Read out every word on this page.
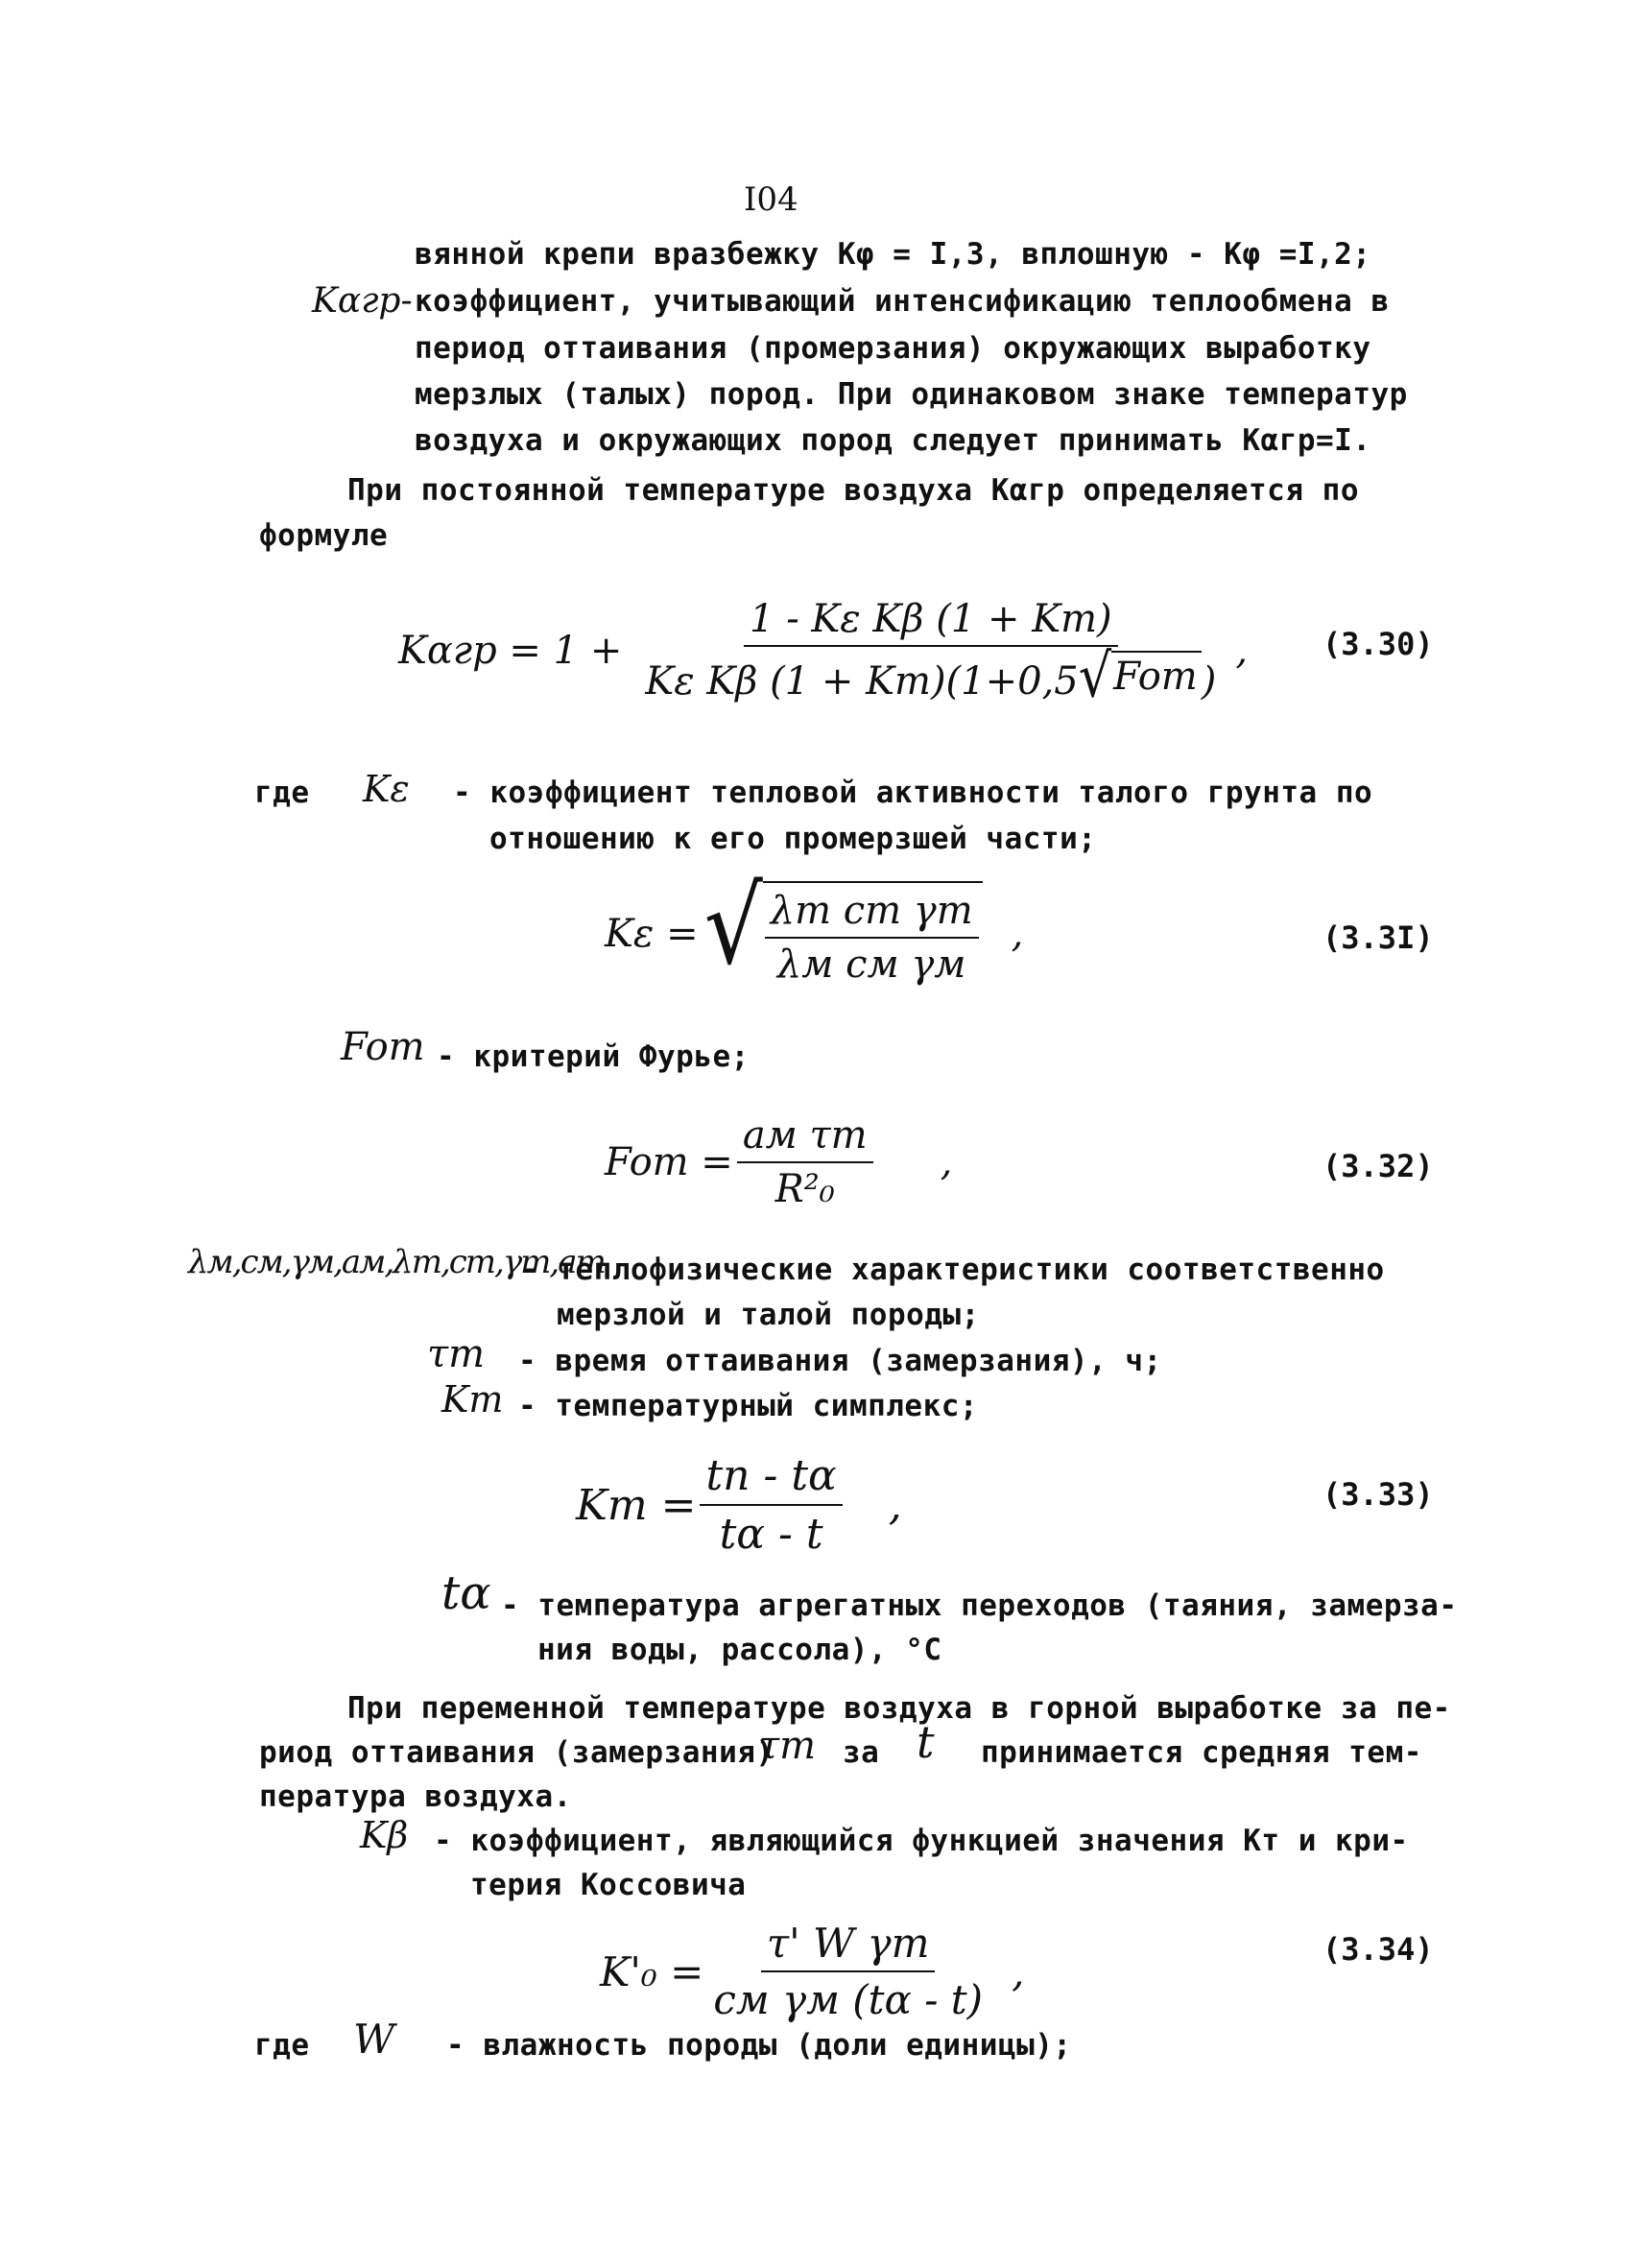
I04
вянной крепи вразбежку Kφ = I,3, вплошную - Kφ =I,2;
Kαгр- коэффициент, учитывающий интенсификацию теплообмена в
период оттаивания (промерзания) окружающих выработку
мерзлых (талых) пород. При одинаковом знаке температур
воздуха и окружающих пород следует принимать Kαгр=I.
При постоянной температуре воздуха Kαгр определяется по
формуле
$K\alpha гр = 1 + \frac{\text{1 - Kε Kβ (1 + Kт)}}{\text{Kε Kβ (1 + Kт)(1+0,5 √ Foт )}}$ , (3.30)
где Kε - коэффициент тепловой активности талого грунта по
отношению к его промерзшей части;
Kε = √ $\frac{\text{λт cт γт}}{\text{λм cм γм}}$ ,	(3.3I)
Foт - критерий Фурье;
Foт = $\frac{\text{aм τт}}{\text{R²₀}}$ ,	(3.32)
λм,cм,γм,aм,λт,cт,γт,aт
- теплофизические характеристики соответственно
мерзлой и талой породы;
τт - время оттаивания (замерзания), ч;
Kт - температурный симплекс;
Kт = $\frac{tп - t\alpha}{t\alpha - t}$ ,	(3.33)
tα - температура агрегатных переходов (таяния, замерза-
ния воды, рассола), °C
При переменной температуре воздуха в горной выработке за пе-
риод оттаивания (замерзания)
τт за t принимается средняя тем-
пература воздуха.
Kβ - коэффициент, являющийся функцией значения Kт и кри-
терия Коссовича
$K'_0 = \frac{\text{τ' W γт}}{\text{cм γм (tα - t)}}$ ,	(3.34)
где W - влажность породы (доли единицы);
